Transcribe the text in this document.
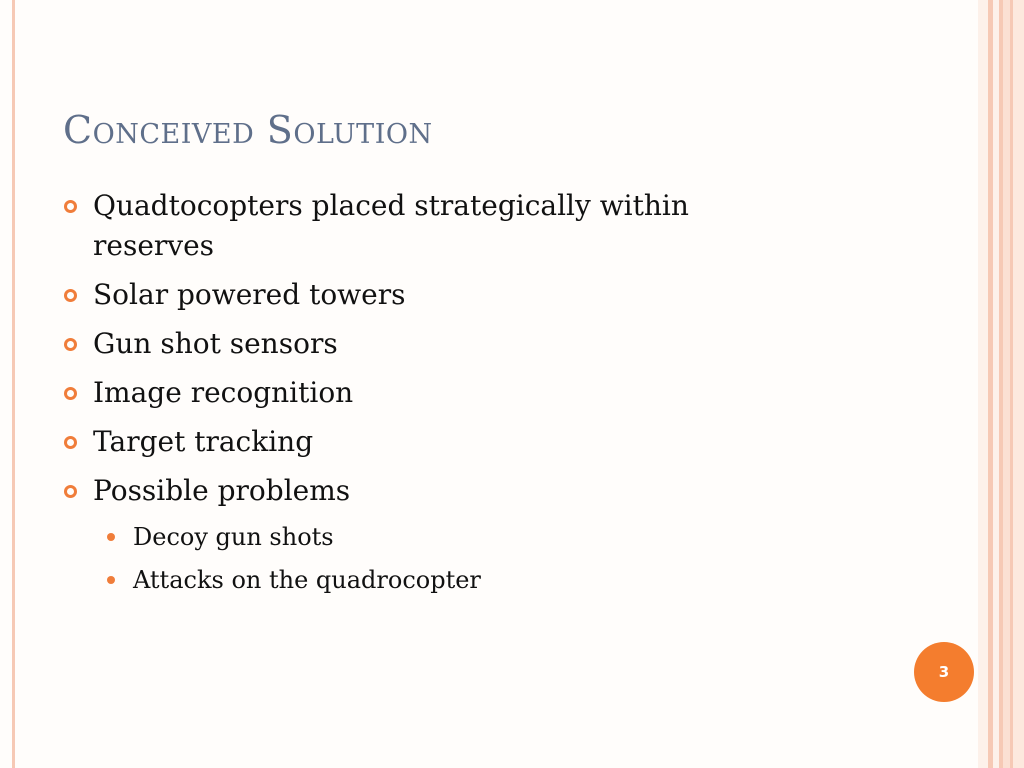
Conceived Solution
Quadtocopters placed strategically within
reserves
Solar powered towers
Gun shot sensors
Image recognition
Target tracking
Possible problems
Decoy gun shots
Attacks on the quadrocopter
3
